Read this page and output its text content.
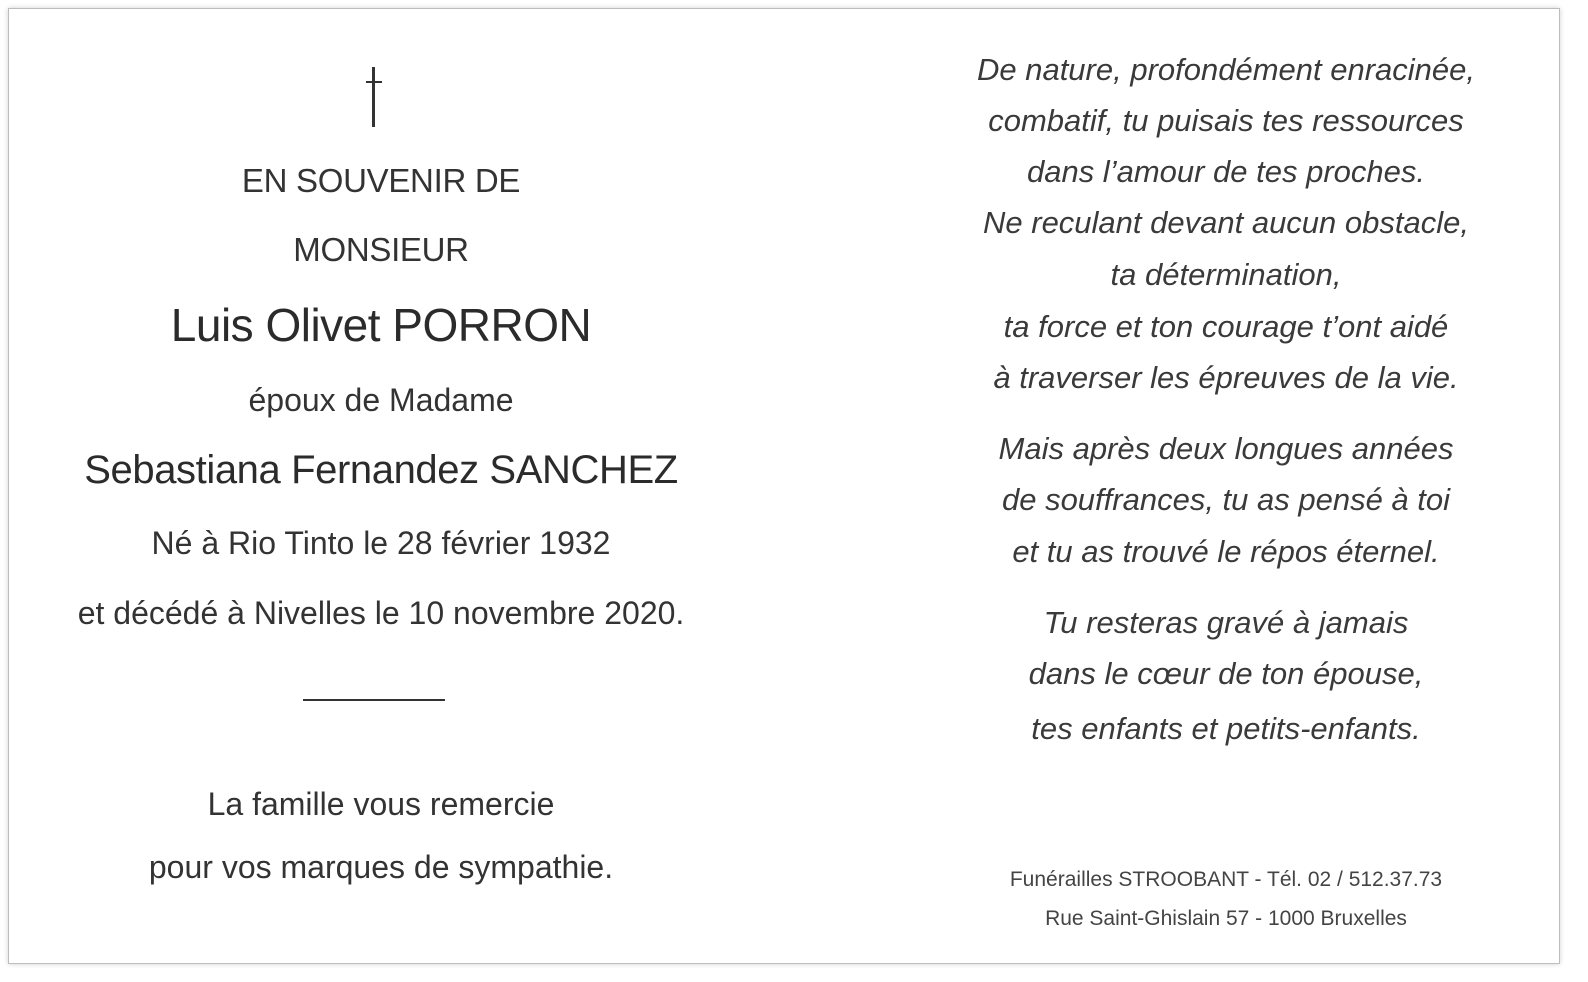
EN SOUVENIR DE
MONSIEUR
Luis Olivet PORRON
époux de Madame
Sebastiana Fernandez SANCHEZ
Né à Rio Tinto le 28 février 1932
et décédé à Nivelles le 10 novembre 2020.
La famille vous remercie
pour vos marques de sympathie.
De nature, profondément enracinée,
combatif, tu puisais tes ressources
dans l’amour de tes proches.
Ne reculant devant aucun obstacle,
ta détermination,
ta force et ton courage t’ont aidé
à traverser les épreuves de la vie.
Mais après deux longues années
de souffrances, tu as pensé à toi
et tu as trouvé le répos éternel.
Tu resteras gravé à jamais
dans le cœur de ton épouse,
tes enfants et petits-enfants.
Funérailles STROOBANT - Tél. 02 / 512.37.73
Rue Saint-Ghislain 57 - 1000 Bruxelles
